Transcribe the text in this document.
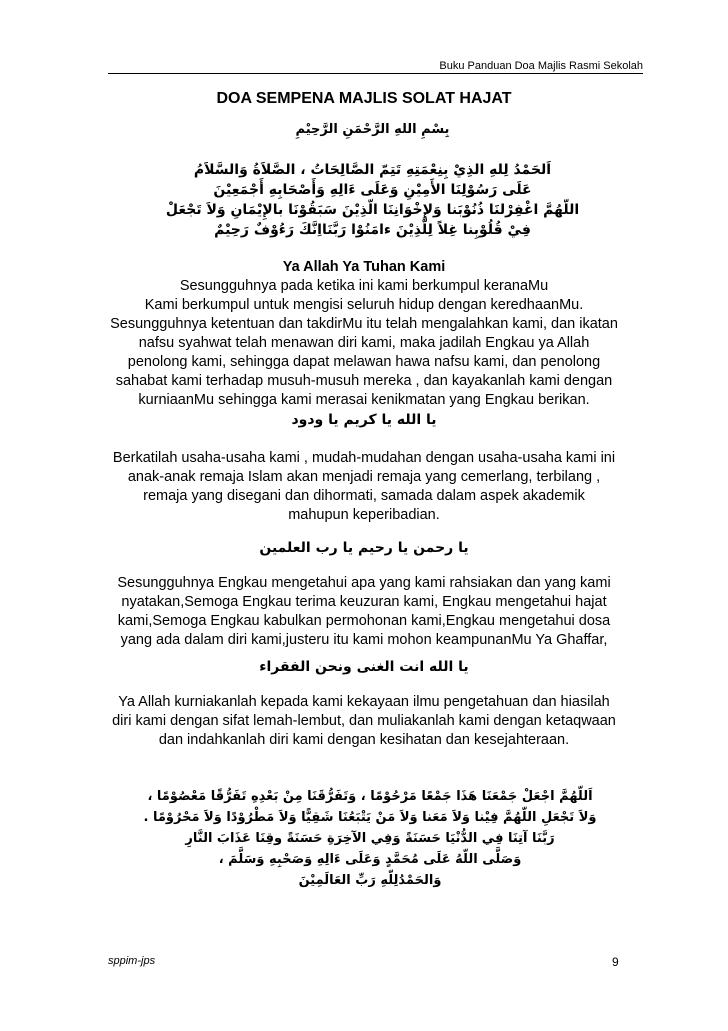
Buku Panduan Doa Majlis Rasmi Sekolah
DOA SEMPENA MAJLIS SOLAT HAJAT
بِسْمِ اللهِ الرَّحْمَنِ الرَّحِيْمِ
اَلحَمْدُ لِلهِ الذِيْ بِنِعْمَتِهِ تَتِمّ الصَّالِحَاتُ ، الصَّلاَةُ وَالسَّلاَمُ
عَلَى رَسُوْلِنَا الأَمِيْنِ وَعَلَى ءَالِهِ وَأَصْحَابِهِ أَجْمَعِيْنَ
اللّهُمَّ اغْفِرْلنَا ذُنُوْبَنا وَلإِخْوَانِنَا الّذِيْنَ سَبَقُوْنَا بالإِيْمَانِ وَلاَ تَجْعَلْ
فِيْ قُلُوْبِنا غِلاً لِلَّذِيْنَ ءامَنُوْا رَبَّنَااِنَّكَ رَءُوْفٌ رَحِيْمٌ
Ya Allah Ya Tuhan Kami
Sesungguhnya pada ketika ini kami berkumpul keranaMu
Kami berkumpul untuk mengisi seluruh hidup dengan keredhaanMu.
Sesungguhnya ketentuan dan takdirMu itu telah mengalahkan kami, dan ikatan
nafsu syahwat telah menawan diri kami, maka jadilah Engkau ya Allah
penolong kami, sehingga dapat melawan hawa nafsu kami, dan penolong
sahabat kami terhadap musuh-musuh mereka , dan kayakanlah kami dengan
kurniaanMu sehingga kami merasai kenikmatan yang Engkau berikan.
يا الله يا كريم يا ودود
Berkatilah usaha-usaha kami , mudah-mudahan dengan usaha-usaha kami ini
anak-anak remaja Islam akan menjadi remaja yang cemerlang, terbilang ,
remaja yang disegani dan dihormati, samada dalam aspek akademik
mahupun keperibadian.
يا رحمن يا رحيم يا رب العلمين
Sesungguhnya Engkau mengetahui apa yang kami rahsiakan dan yang kami
nyatakan,Semoga Engkau terima keuzuran kami, Engkau mengetahui hajat
kami,Semoga Engkau kabulkan permohonan kami,Engkau mengetahui dosa
yang ada dalam diri kami,justeru itu kami mohon keampunanMu Ya Ghaffar,
يا الله انت الغنى ونحن الفقراء
Ya Allah kurniakanlah kepada kami kekayaan ilmu pengetahuan dan hiasilah
diri kami dengan sifat lemah-lembut, dan muliakanlah kami dengan ketaqwaan
dan indahkanlah diri kami dengan kesihatan dan kesejahteraan.
اَللّهُمَّ اجْعَلْ جَمْعَنَا هَذَا جَمْعًا مَرْحُوْمًا ، وَتَفَرُّقَنَا مِنْ بَعْدِهِ تَفَرُّقًا مَعْصُوْمًا ،
وَلاَ تَجْعَلِ اللّهُمَّ فِيْنا وَلاَ مَعَنا وَلاَ مَنْ يَتْبَعُنَا شَقِيًّا وَلاَ مَطْرُوْدًا وَلاَ مَحْرُوْمًا .
رَبَّنَا آتِنَا فِي الدُّنْيَا حَسَنَةً وَفِي الآخِرَةِ حَسَنَةً وقِنَا عَذَابَ النَّارِ
وَصَلَّى اللّهُ عَلَى مُحَمَّدٍ وَعَلَى ءَالِهِ وَصَحْبِهِ وَسَلَّمَ ،
وَالحَمْدُلِلّهِ رَبِّ العَالَمِيْنَ
sppim-jps	9
